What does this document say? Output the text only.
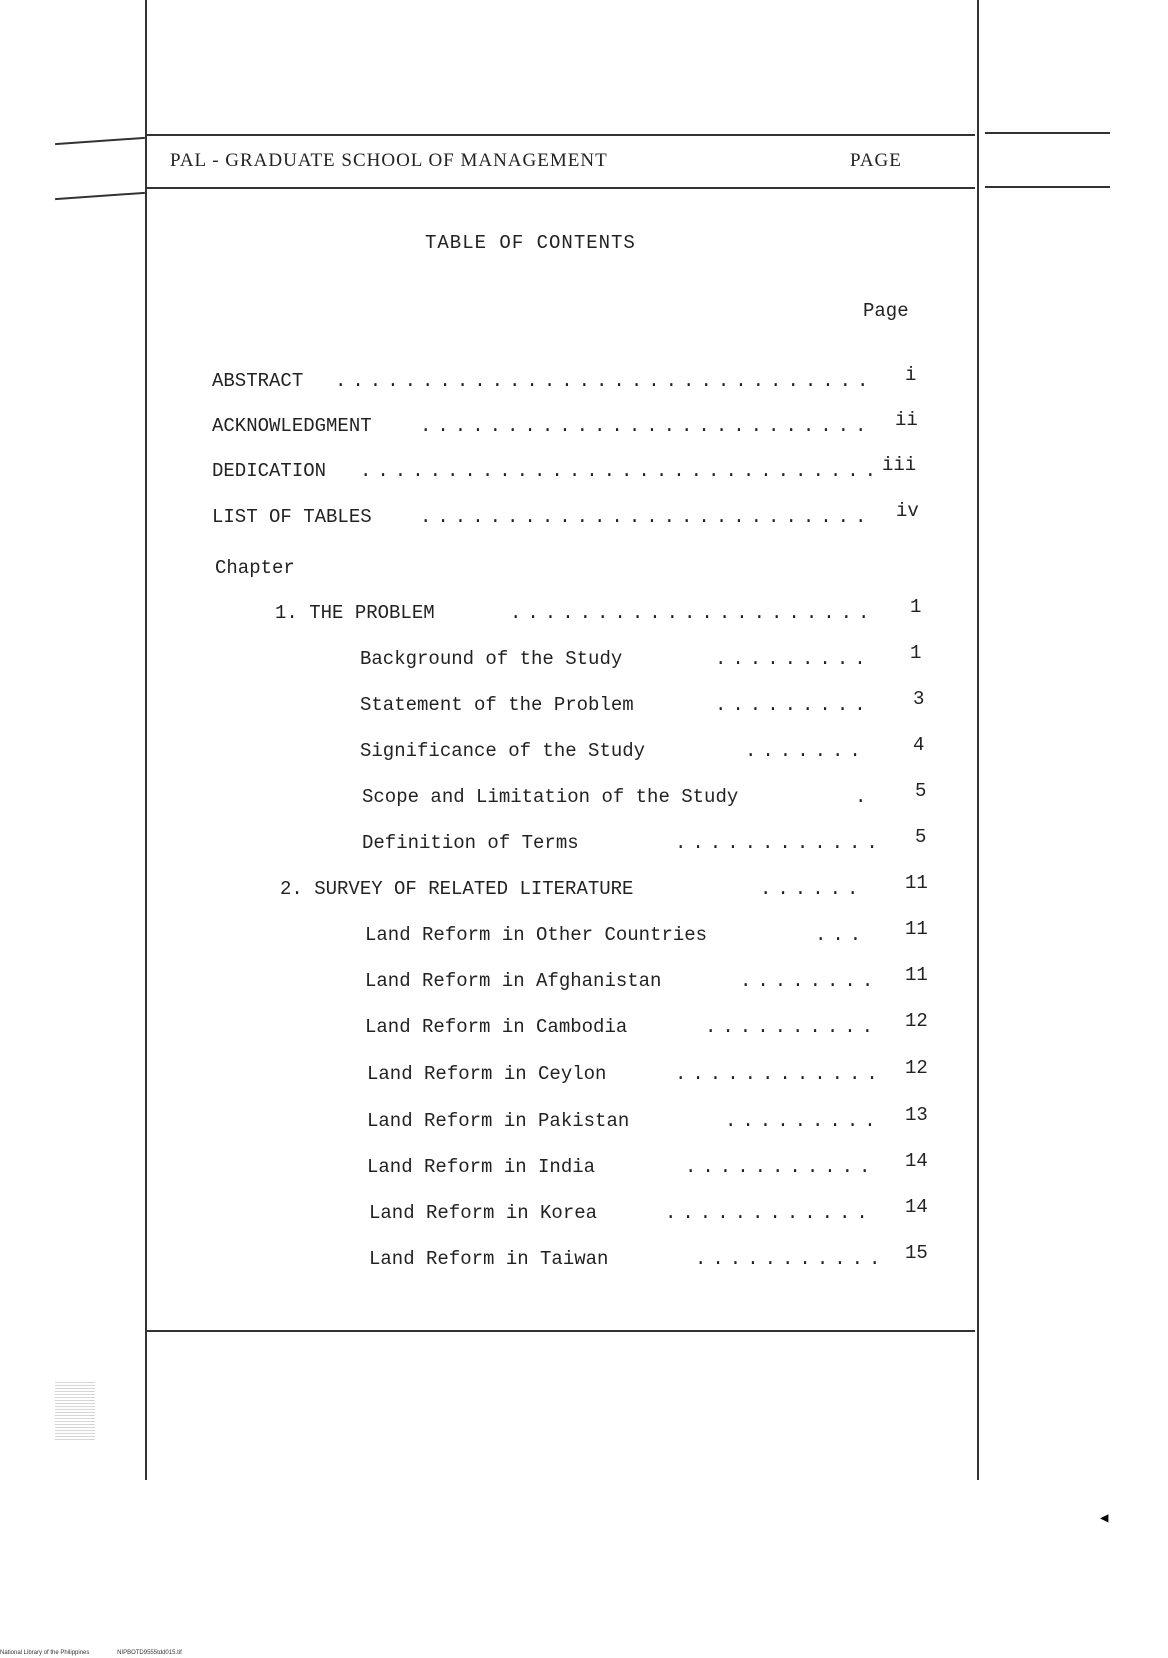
PAL - GRADUATE SCHOOL OF MANAGEMENT	PAGE
TABLE OF CONTENTS
Page
ABSTRACT ............................... i
ACKNOWLEDGMENT	.......................... ii
DEDICATION .............................. iii
LIST OF TABLES	.......................... iv
1. THE PROBLEM	..................... 1
Background of the Study	......... 1
Statement of the Problem	......... 3
Significance of the Study	....... 4
Scope and Limitation of the Study	. 5
Definition of Terms	............ 5
2. SURVEY OF RELATED LITERATURE	...... 11
Land Reform in Other Countries	... 11
Land Reform in Afghanistan	........ 11
Land Reform in Cambodia	.......... 12
Land Reform in Ceylon	............ 12
Land Reform in Pakistan	......... 13
Land Reform in India	........... 14
Land Reform in Korea	............ 14
Land Reform in Taiwan	........... 15
Chapter
◀
National Library of the Philippines	NIPBOTD9555tdd015.tif
